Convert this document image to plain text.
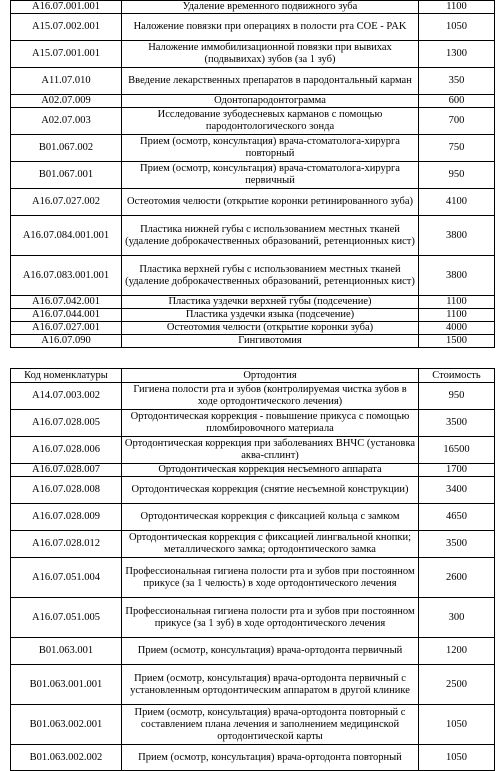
A16.07.001.001	Удаление временного подвижного зуба	1100
A15.07.002.001	Наложение повязки при операциях в полости рта COE - PAK	1050
A15.07.001.001	Наложение иммобилизационной повязки при вывихах (подвывихах) зубов (за 1 зуб)	1300
A11.07.010	Введение лекарственных препаратов в пародонтальный карман	350
A02.07.009	Одонтопародонтограмма	600
A02.07.003	Исследование зубодесневых карманов с помощью пародонтологического зонда	700
B01.067.002	Прием (осмотр, консультация) врача-стоматолога-хирурга повторный	750
B01.067.001	Прием (осмотр, консультация) врача-стоматолога-хирурга первичный	950
A16.07.027.002	Остеотомия челюсти (открытие коронки ретинированного зуба)	4100
A16.07.084.001.001	Пластика нижней губы с использованием местных тканей (удаление доброкачественных образований, ретенционных кист)	3800
A16.07.083.001.001	Пластика верхней губы с использованием местных тканей (удаление доброкачественных образований, ретенционных кист)	3800
A16.07.042.001	Пластика уздечки верхней губы (подсечение)	1100
A16.07.044.001	Пластика уздечки языка (подсечение)	1100
A16.07.027.001	Остеотомия челюсти (открытие коронки зуба)	4000
A16.07.090	Гингивотомия	1500
Код номенклатуры	Ортодонтия	Стоимость
A14.07.003.002	Гигиена полости рта и зубов (контролируемая чистка зубов в ходе ортодонтического лечения)	950
A16.07.028.005	Ортодонтическая коррекция - повышение прикуса с помощью пломбировочного материала	3500
A16.07.028.006	Ортодонтическая коррекция при заболеваниях ВНЧС (установка аква-сплинт)	16500
A16.07.028.007	Ортодонтическая коррекция несъемного аппарата	1700
A16.07.028.008	Ортодонтическая коррекция (снятие несъемной конструкции)	3400
A16.07.028.009	Ортодонтическая коррекция с фиксацией кольца с замком	4650
A16.07.028.012	Ортодонтическая коррекция с фиксацией лингвальной кнопки; металлического замка; ортодонтического замка	3500
A16.07.051.004	Профессиональная гигиена полости рта и зубов при постоянном прикусе (за 1 челюсть) в ходе ортодонтического лечения	2600
A16.07.051.005	Профессиональная гигиена полости рта и зубов при постоянном прикусе (за 1 зуб) в ходе ортодонтического лечения	300
B01.063.001	Прием (осмотр, консультация) врача-ортодонта первичный	1200
B01.063.001.001	Прием (осмотр, консультация) врача-ортодонта первичный с установленным ортодонтическим аппаратом в другой клинике	2500
B01.063.002.001	Прием (осмотр, консультация) врача-ортодонта повторный с составлением плана лечения и заполнением медицинской ортодонтической карты	1050
B01.063.002.002	Прием (осмотр, консультация) врача-ортодонта повторный	1050
